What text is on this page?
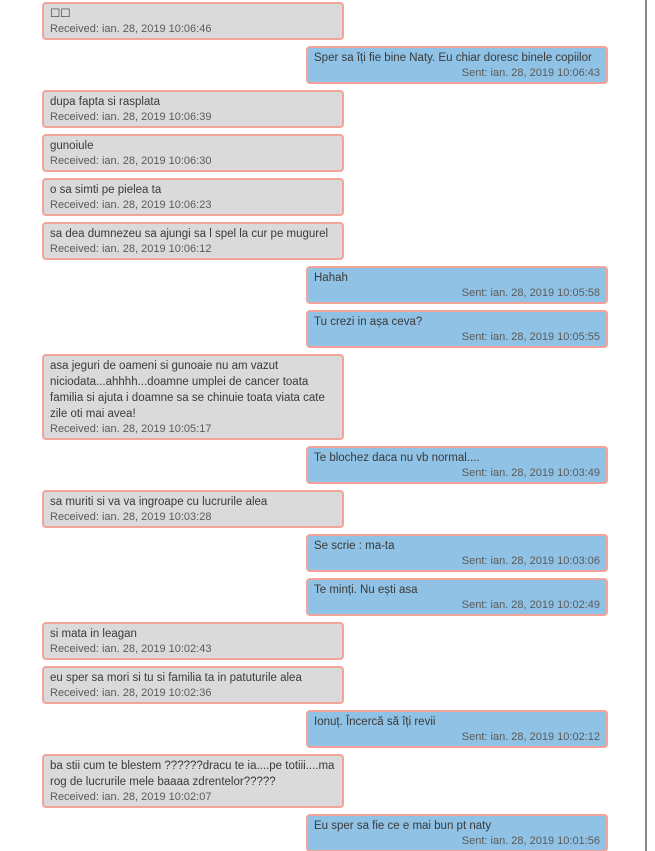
☐☐
Received: ian. 28, 2019 10:06:46
Sper sa îți fie bine Naty. Eu chiar doresc binele copiilor
Sent: ian. 28, 2019 10:06:43
dupa fapta si rasplata
Received: ian. 28, 2019 10:06:39
gunoiule
Received: ian. 28, 2019 10:06:30
o sa simti pe pielea ta
Received: ian. 28, 2019 10:06:23
sa dea dumnezeu sa ajungi sa l spel la cur pe mugurel
Received: ian. 28, 2019 10:06:12
Hahah
Sent: ian. 28, 2019 10:05:58
Tu crezi in așa ceva?
Sent: ian. 28, 2019 10:05:55
asa jeguri de oameni si gunoaie nu am vazut niciodata...ahhhh...doamne umplei de cancer toata familia si ajuta i doamne sa se chinuie toata viata cate zile oti mai avea!
Received: ian. 28, 2019 10:05:17
Te blochez daca nu vb normal....
Sent: ian. 28, 2019 10:03:49
sa muriti si va va ingroape cu lucrurile alea
Received: ian. 28, 2019 10:03:28
Se scrie : ma-ta
Sent: ian. 28, 2019 10:03:06
Te minți. Nu ești asa
Sent: ian. 28, 2019 10:02:49
si mata in leagan
Received: ian. 28, 2019 10:02:43
eu sper sa mori si tu si familia ta in patuturile alea
Received: ian. 28, 2019 10:02:36
Ionuț. Încercă să îți revii
Sent: ian. 28, 2019 10:02:12
ba stii cum te blestem ??????dracu te ia....pe totiii....ma rog de lucrurile mele baaaa zdrentelor?????
Received: ian. 28, 2019 10:02:07
Eu sper sa fie ce e mai bun pt naty
Sent: ian. 28, 2019 10:01:56
